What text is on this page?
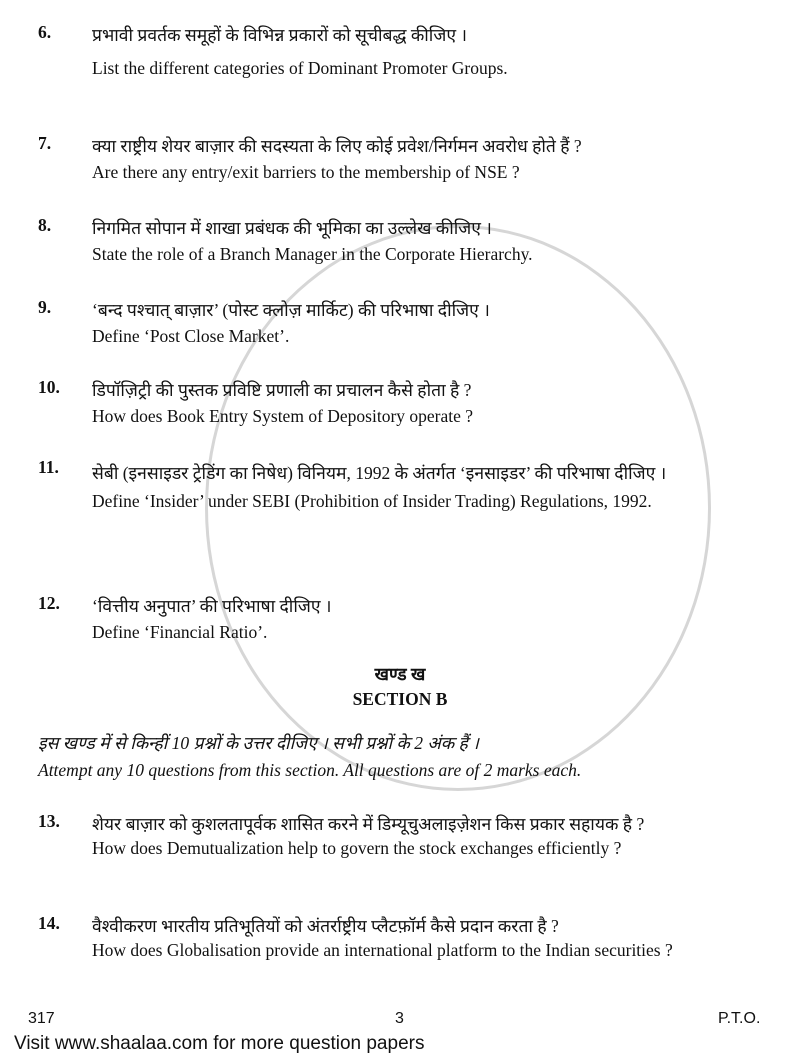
6. प्रभावी प्रवर्तक समूहों के विभिन्न प्रकारों को सूचीबद्ध कीजिए ।
List the different categories of Dominant Promoter Groups.
7. क्या राष्ट्रीय शेयर बाज़ार की सदस्यता के लिए कोई प्रवेश/निर्गमन अवरोध होते हैं ?
Are there any entry/exit barriers to the membership of NSE ?
8. निगमित सोपान में शाखा प्रबंधक की भूमिका का उल्लेख कीजिए ।
State the role of a Branch Manager in the Corporate Hierarchy.
9. ‘बन्द पश्चात् बाज़ार’ (पोस्ट क्लोज़ मार्किट) की परिभाषा दीजिए ।
Define ‘Post Close Market’.
10. डिपॉज़िट्री की पुस्तक प्रविष्टि प्रणाली का प्रचालन कैसे होता है ?
How does Book Entry System of Depository operate ?
11. सेबी (इनसाइडर ट्रेडिंग का निषेध) विनियम, 1992 के अंतर्गत ‘इनसाइडर’ की परिभाषा दीजिए ।
Define ‘Insider’ under SEBI (Prohibition of Insider Trading) Regulations, 1992.
12. ‘वित्तीय अनुपात’ की परिभाषा दीजिए ।
Define ‘Financial Ratio’.
खण्ड ख
SECTION B
इस खण्ड में से किन्हीं 10 प्रश्नों के उत्तर दीजिए । सभी प्रश्नों के 2 अंक हैं ।
Attempt any 10 questions from this section. All questions are of 2 marks each.
13. शेयर बाज़ार को कुशलतापूर्वक शासित करने में डिम्यूचुअलाइज़ेशन किस प्रकार सहायक है ?
How does Demutualization help to govern the stock exchanges efficiently ?
14. वैश्वीकरण भारतीय प्रतिभूतियों को अंतर्राष्ट्रीय प्लैटफ़ॉर्म कैसे प्रदान करता है ?
How does Globalisation provide an international platform to the Indian securities ?
317	3	P.T.O.
Visit www.shaalaa.com for more question papers
